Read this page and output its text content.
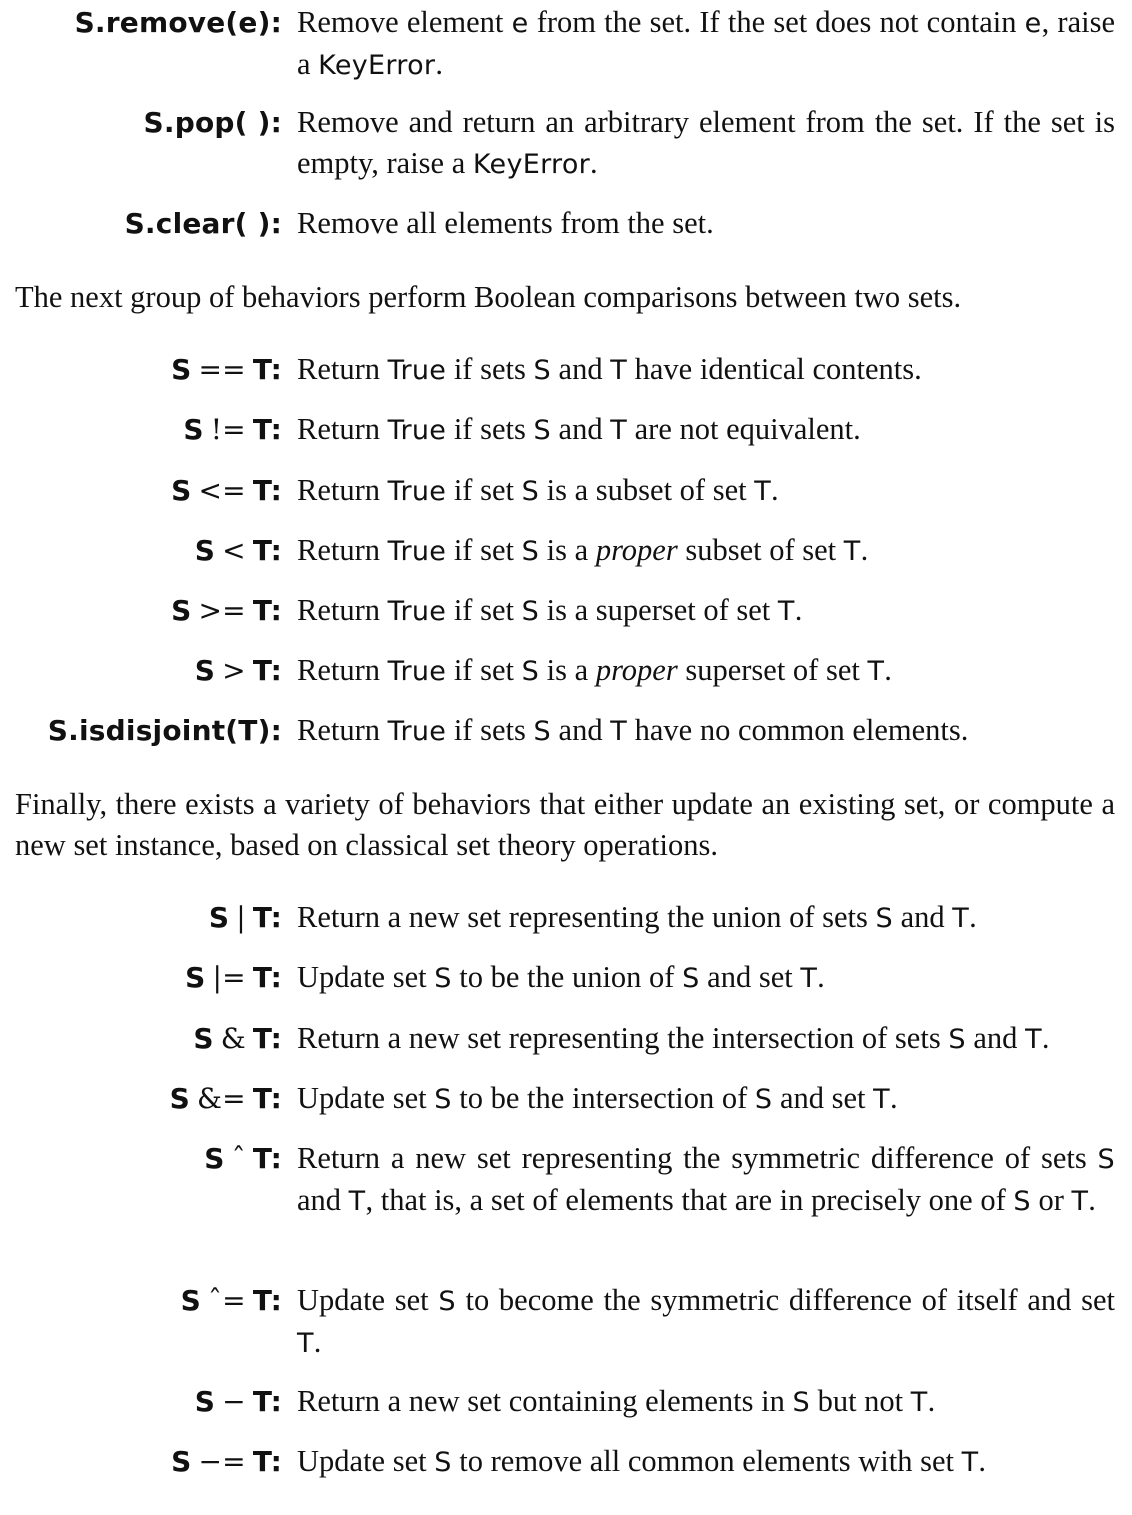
S.remove(e): Remove element e from the set. If the set does not contain e, raise a KeyError.
S.pop( ): Remove and return an arbitrary element from the set. If the set is empty, raise a KeyError.
S.clear( ): Remove all elements from the set.
The next group of behaviors perform Boolean comparisons between two sets.
S == T: Return True if sets S and T have identical contents.
S != T: Return True if sets S and T are not equivalent.
S <= T: Return True if set S is a subset of set T.
S < T: Return True if set S is a proper subset of set T.
S >= T: Return True if set S is a superset of set T.
S > T: Return True if set S is a proper superset of set T.
S.isdisjoint(T): Return True if sets S and T have no common elements.
Finally, there exists a variety of behaviors that either update an existing set, or compute a new set instance, based on classical set theory operations.
S | T: Return a new set representing the union of sets S and T.
S |= T: Update set S to be the union of S and set T.
S & T: Return a new set representing the intersection of sets S and T.
S &= T: Update set S to be the intersection of S and set T.
S ˆ T: Return a new set representing the symmetric difference of sets S and T, that is, a set of elements that are in precisely one of S or T.
S ˆ= T: Update set S to become the symmetric difference of itself and set T.
S − T: Return a new set containing elements in S but not T.
S −= T: Update set S to remove all common elements with set T.
